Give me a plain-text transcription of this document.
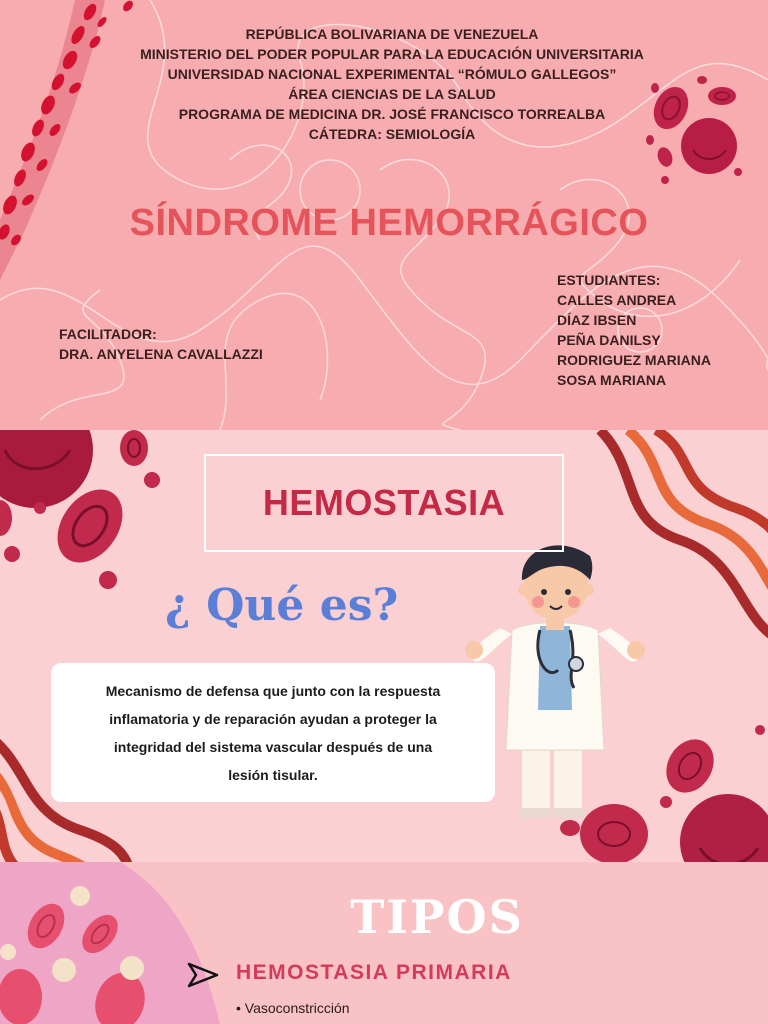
REPÚBLICA BOLIVARIANA DE VENEZUELA
MINISTERIO DEL PODER POPULAR PARA LA EDUCACIÓN UNIVERSITARIA
UNIVERSIDAD NACIONAL EXPERIMENTAL “RÓMULO GALLEGOS”
ÁREA CIENCIAS DE LA SALUD
PROGRAMA DE MEDICINA DR. JOSÉ FRANCISCO TORREALBA
CÁTEDRA: SEMIOLOGÍA
SÍNDROME HEMORRÁGICO
FACILITADOR:
DRA. ANYELENA CAVALLAZZI
ESTUDIANTES:
CALLES ANDREA
DÍAZ IBSEN
PEÑA DANILSY
RODRIGUEZ MARIANA
SOSA MARIANA
HEMOSTASIA
¿ Qué es?
Mecanismo de defensa que junto con la respuesta
inflamatoria y de reparación ayudan a proteger la
integridad del sistema vascular después de una
lesión tisular.
TIPOS
HEMOSTASIA PRIMARIA
• Vasoconstricción
